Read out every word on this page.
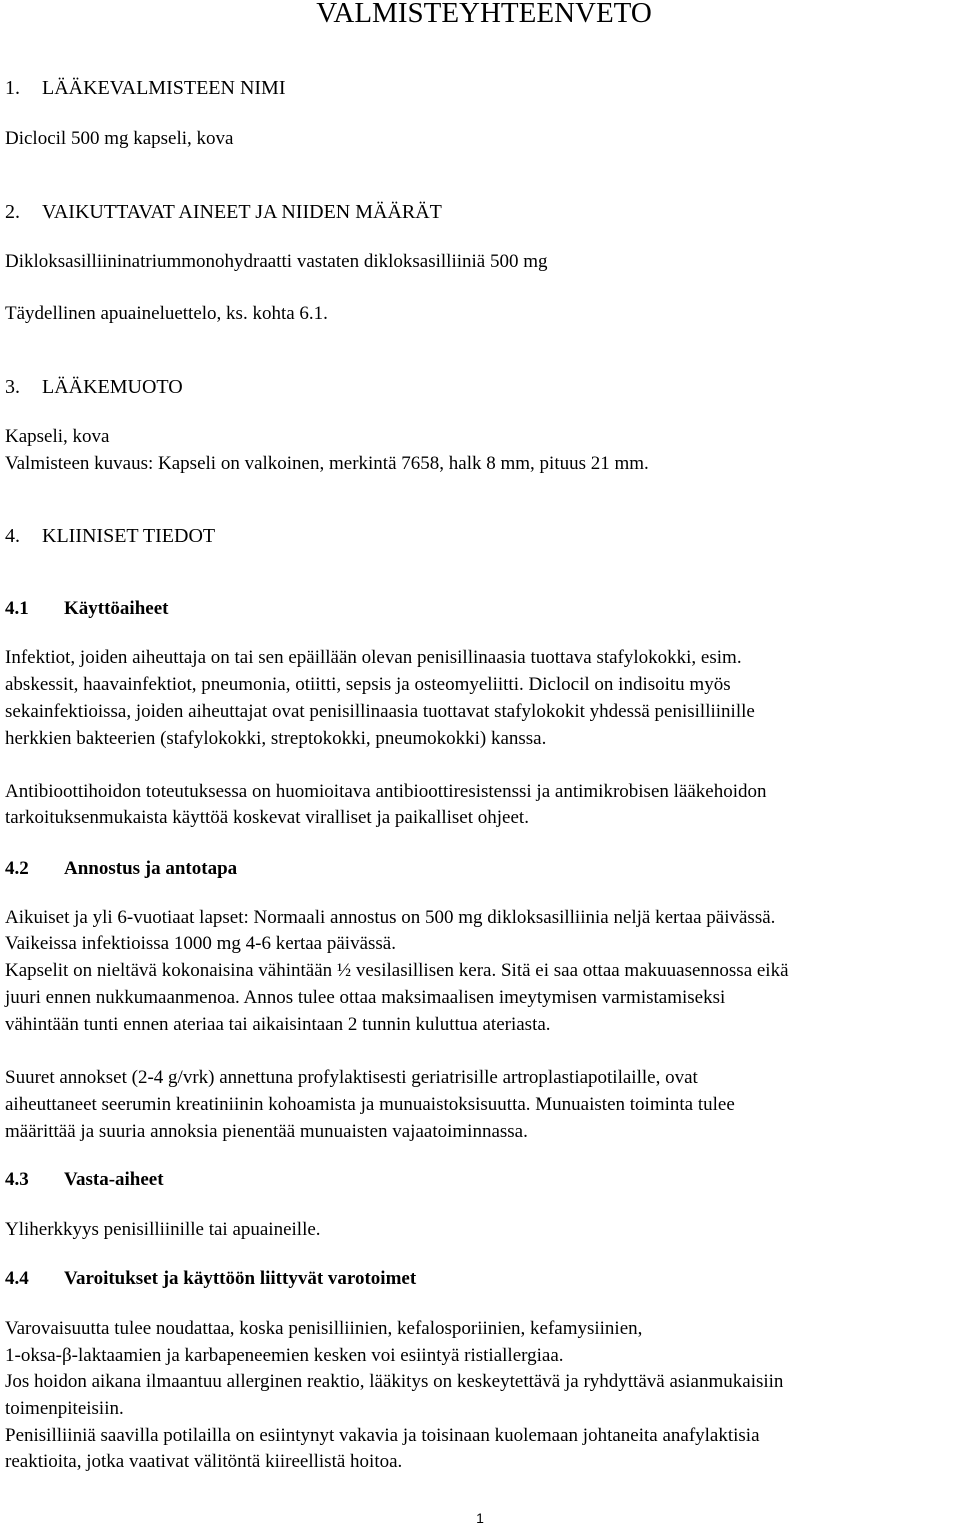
VALMISTEYHTEENVETO
1. LÄÄKEVALMISTEEN NIMI
Diclocil 500 mg kapseli, kova
2. VAIKUTTAVAT AINEET JA NIIDEN MÄÄRÄT
Dikloksasilliininatriummonohydraatti vastaten dikloksasilliiniä 500 mg
Täydellinen apuaineluettelo, ks. kohta 6.1.
3. LÄÄKEMUOTO
Kapseli, kova
Valmisteen kuvaus: Kapseli on valkoinen, merkintä 7658, halk 8 mm, pituus 21 mm.
4. KLIINISET TIEDOT
4.1 Käyttöaiheet
Infektiot, joiden aiheuttaja on tai sen epäillään olevan penisillinaasia tuottava stafylokokki, esim.
abskessit, haavainfektiot, pneumonia, otiitti, sepsis ja osteomyeliitti. Diclocil on indisoitu myös
sekainfektioissa, joiden aiheuttajat ovat penisillinaasia tuottavat stafylokokit yhdessä penisilliinille
herkkien bakteerien (stafylokokki, streptokokki, pneumokokki) kanssa.
Antibioottihoidon toteutuksessa on huomioitava antibioottiresistenssi ja antimikrobisen lääkehoidon
tarkoituksenmukaista käyttöä koskevat viralliset ja paikalliset ohjeet.
4.2 Annostus ja antotapa
Aikuiset ja yli 6-vuotiaat lapset: Normaali annostus on 500 mg dikloksasilliinia neljä kertaa päivässä.
Vaikeissa infektioissa 1000 mg 4-6 kertaa päivässä.
Kapselit on nieltävä kokonaisina vähintään ½ vesilasillisen kera. Sitä ei saa ottaa makuuasennossa eikä
juuri ennen nukkumaanmenoa. Annos tulee ottaa maksimaalisen imeytymisen varmistamiseksi
vähintään tunti ennen ateriaa tai aikaisintaan 2 tunnin kuluttua ateriasta.
Suuret annokset (2-4 g/vrk) annettuna profylaktisesti geriatrisille artroplastiapotilaille, ovat
aiheuttaneet seerumin kreatiniinin kohoamista ja munuaistoksisuutta. Munuaisten toiminta tulee
määrittää ja suuria annoksia pienentää munuaisten vajaatoiminnassa.
4.3 Vasta-aiheet
Yliherkkyys penisilliinille tai apuaineille.
4.4 Varoitukset ja käyttöön liittyvät varotoimet
Varovaisuutta tulee noudattaa, koska penisilliinien, kefalosporiinien, kefamysiinien,
1-oksa-β-laktaamien ja karbapeneemien kesken voi esiintyä ristiallergiaa.
Jos hoidon aikana ilmaantuu allerginen reaktio, lääkitys on keskeytettävä ja ryhdyttävä asianmukaisiin
toimenpiteisiin.
Penisilliiniä saavilla potilailla on esiintynyt vakavia ja toisinaan kuolemaan johtaneita anafylaktisia
reaktioita, jotka vaativat välitöntä kiireellistä hoitoa.
1
